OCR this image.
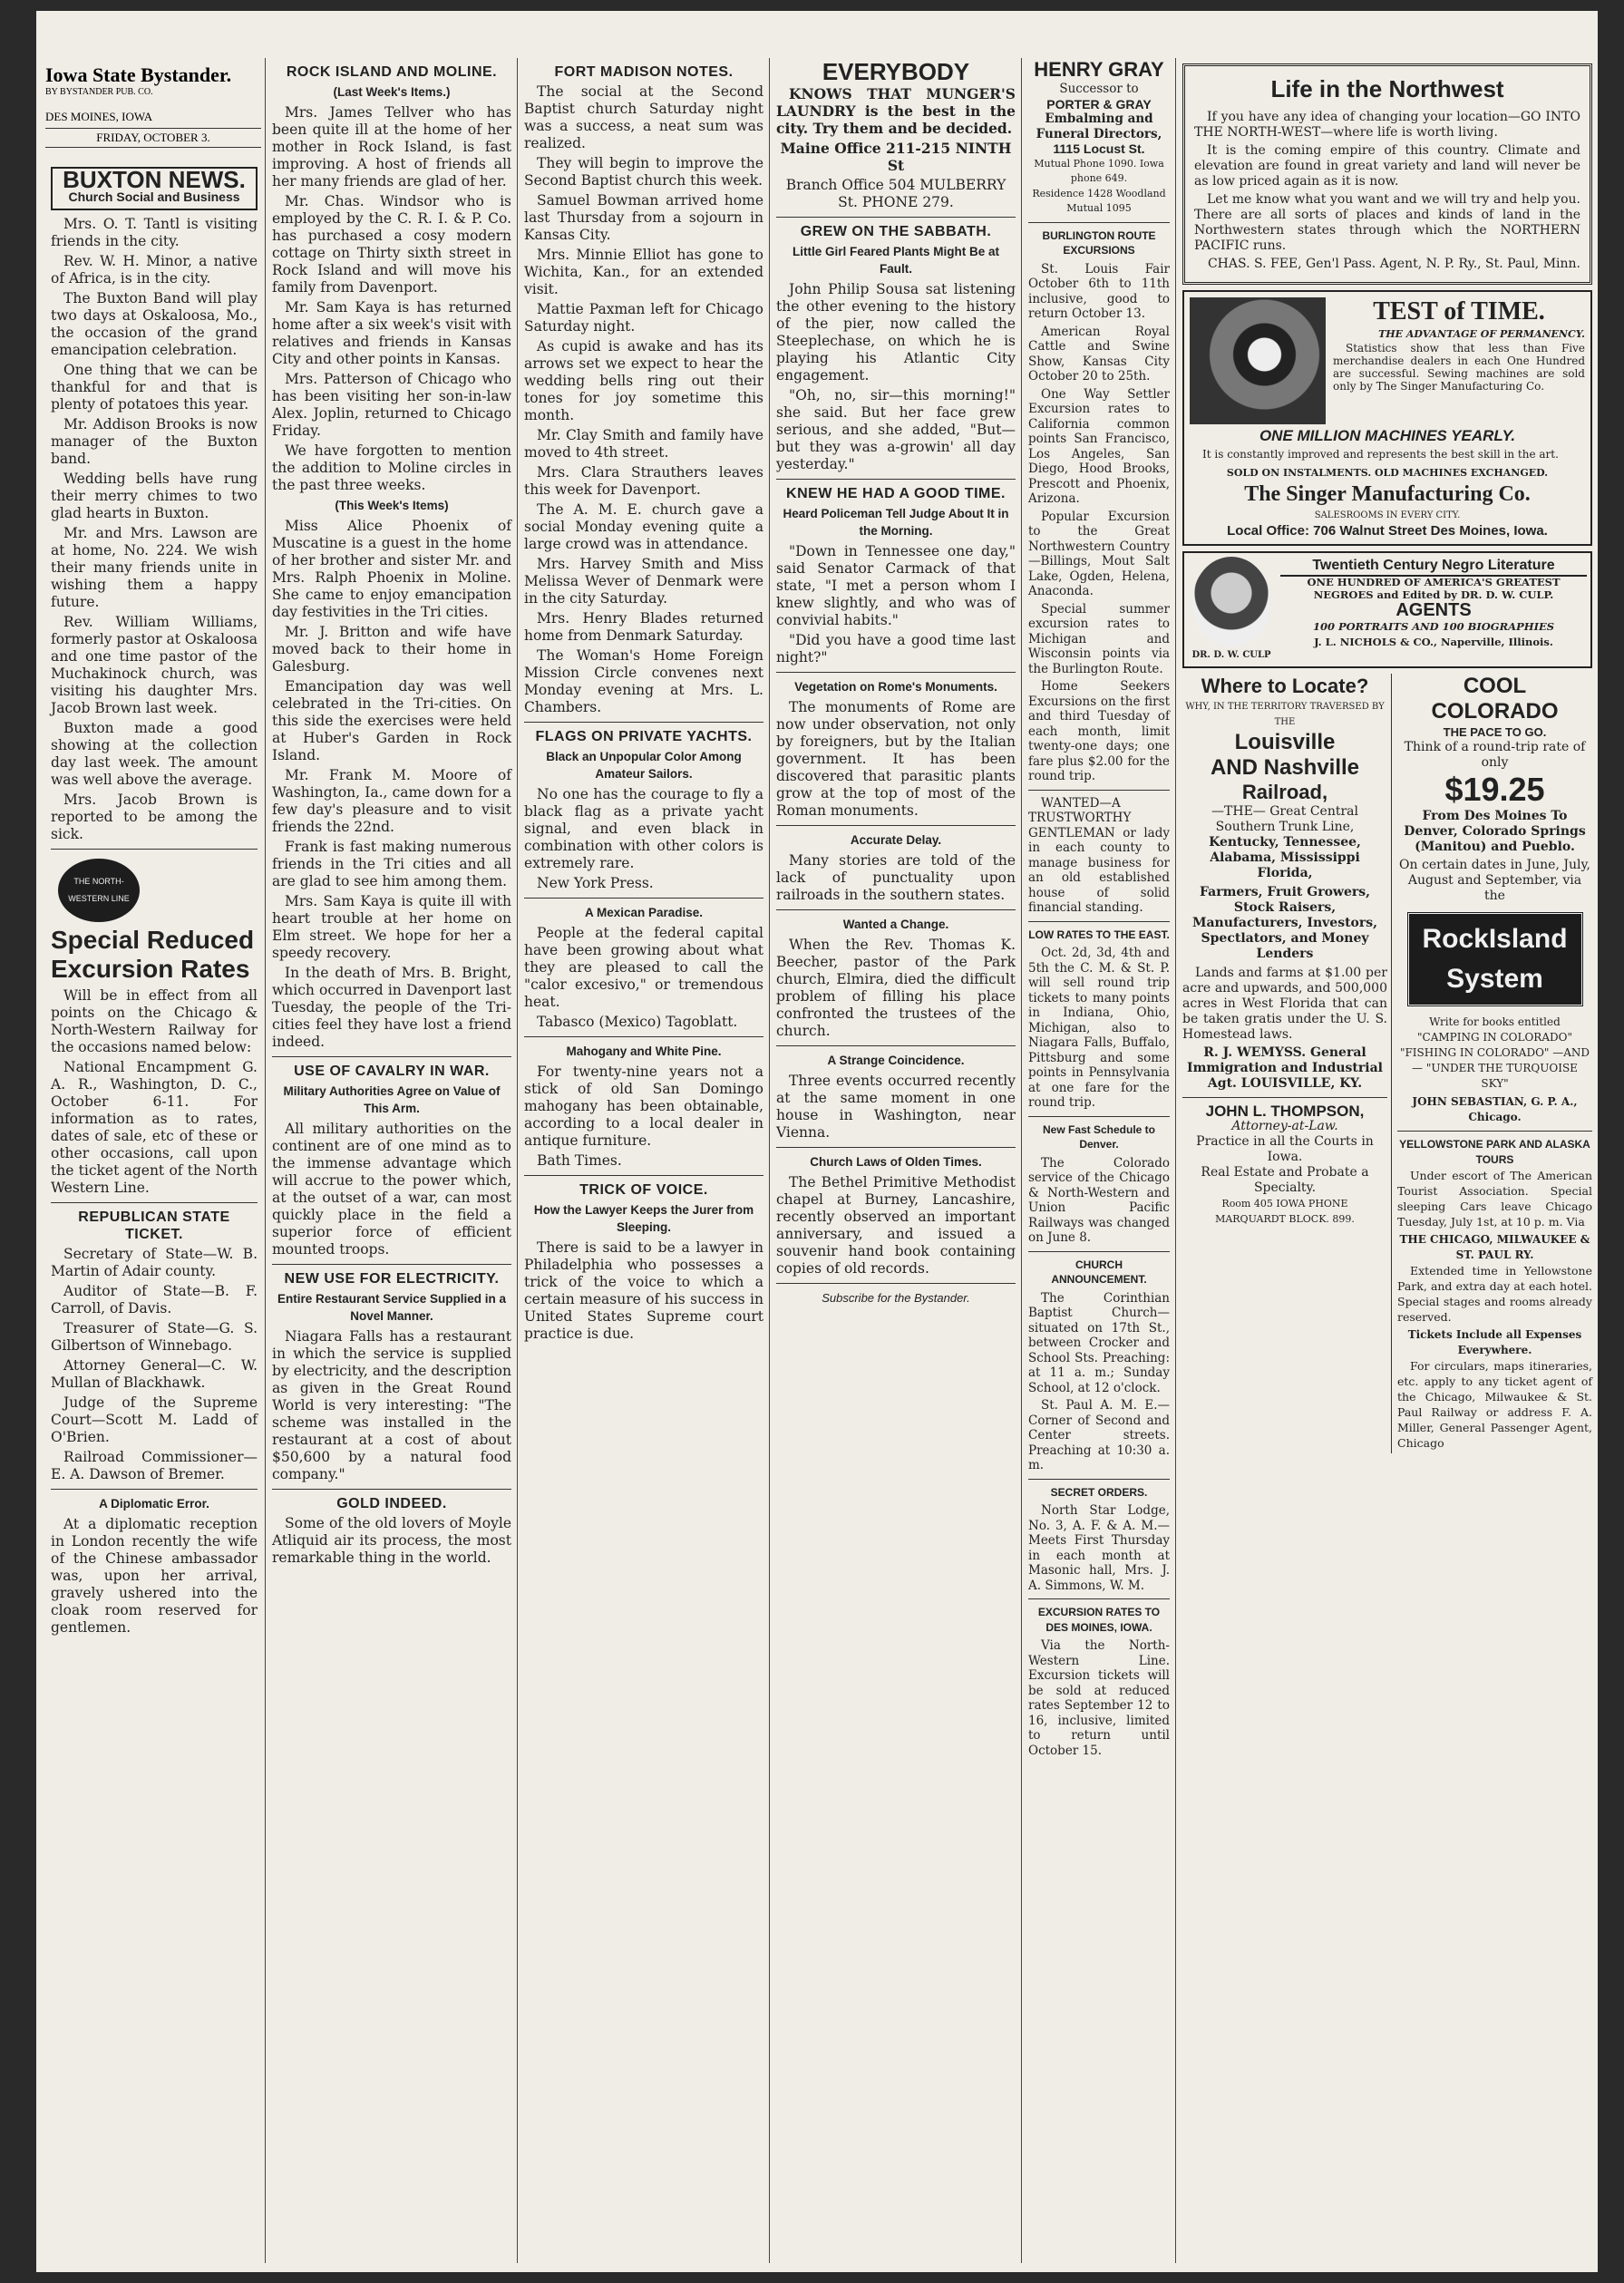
Iowa State Bystander.
BY BYSTANDER PUB. CO.
DES MOINES, IOWA
FRIDAY, OCTOBER 3.
BUXTON NEWS.
Church Social and Business

Mrs. O. T. Tantl is visiting friends in the city.

Rev. W. H. Minor, a native of Africa, is in the city.

The Buxton Band will play two days at Oskaloosa, Mo., the occasion of the grand emancipation celebration.

One thing that we can be thankful for and that is plenty of potatoes this year.

Mr. Addison Brooks is now manager of the Buxton band.

Wedding bells have rung their merry chimes to two glad hearts in Buxton.

Mr. and Mrs. Lawson are at home, No. 224. We wish their many friends unite in wishing them a happy future.

Rev. William Williams, formerly pastor at Oskaloosa and one time pastor of the Muchakinock church, was visiting his daughter Mrs. Jacob Brown last week.

Buxton made a good showing at the collection day last week. The amount was well above the average.

Mrs. Jacob Brown is reported to be among the sick.

THE NORTH-WESTERN LINE
Special Reduced Excursion Rates

Will be in effect from all points on the Chicago & North-Western Railway for the occasions named below:

National Encampment G. A. R., Washington, D. C., October 6-11. For information as to rates, dates of sale, etc of these or other occasions, call upon the ticket agent of the North Western Line.

REPUBLICAN STATE TICKET.

Secretary of State—W. B. Martin of Adair county.

Auditor of State—B. F. Carroll, of Davis.

Treasurer of State—G. S. Gilbertson of Winnebago.

Attorney General—C. W. Mullan of Blackhawk.

Judge of the Supreme Court—Scott M. Ladd of O'Brien.

Railroad Commissioner—E. A. Dawson of Bremer.

A Diplomatic Error.

At a diplomatic reception in London recently the wife of the Chinese ambassador was, upon her arrival, gravely ushered into the cloak room reserved for gentlemen.

ROCK ISLAND AND MOLINE.
(Last Week's Items.)

Mrs. James Tellver who has been quite ill at the home of her mother in Rock Island, is fast improving. A host of friends all her many friends are glad of her.

Mr. Chas. Windsor who is employed by the C. R. I. & P. Co. has purchased a cosy modern cottage on Thirty sixth street in Rock Island and will move his family from Davenport.

Mr. Sam Kaya is has returned home after a six week's visit with relatives and friends in Kansas City and other points in Kansas.

Mrs. Patterson of Chicago who has been visiting her son-in-law Alex. Joplin, returned to Chicago Friday.

We have forgotten to mention the addition to Moline circles in the past three weeks.

(This Week's Items)

Miss Alice Phoenix of Muscatine is a guest in the home of her brother and sister Mr. and Mrs. Ralph Phoenix in Moline. She came to enjoy emancipation day festivities in the Tri cities.

Mr. J. Britton and wife have moved back to their home in Galesburg.

Emancipation day was well celebrated in the Tri-cities. On this side the exercises were held at Huber's Garden in Rock Island.

Mr. Frank M. Moore of Washington, Ia., came down for a few day's pleasure and to visit friends the 22nd.

Frank is fast making numerous friends in the Tri cities and all are glad to see him among them.

Mrs. Sam Kaya is quite ill with heart trouble at her home on Elm street. We hope for her a speedy recovery.

In the death of Mrs. B. Bright, which occurred in Davenport last Tuesday, the people of the Tri-cities feel they have lost a friend indeed.

USE OF CAVALRY IN WAR.
Military Authorities Agree on Value of This Arm.

All military authorities on the continent are of one mind as to the immense advantage which will accrue to the power which, at the outset of a war, can most quickly place in the field a superior force of efficient mounted troops.

NEW USE FOR ELECTRICITY.
Entire Restaurant Service Supplied in a Novel Manner.

Niagara Falls has a restaurant in which the service is supplied by electricity, and the description as given in the Great Round World is very interesting: "The scheme was installed in the restaurant at a cost of about $50,600 by a natural food company."

GOLD INDEED.

Some of the old lovers of Moyle Atliquid air its process, the most remarkable thing in the world.

FORT MADISON NOTES.

The social at the Second Baptist church Saturday night was a success, a neat sum was realized.

They will begin to improve the Second Baptist church this week.

Samuel Bowman arrived home last Thursday from a sojourn in Kansas City.

Mrs. Minnie Elliot has gone to Wichita, Kan., for an extended visit.

Mattie Paxman left for Chicago Saturday night.

As cupid is awake and has its arrows set we expect to hear the wedding bells ring out their tones for joy sometime this month.

Mr. Clay Smith and family have moved to 4th street.

Mrs. Clara Strauthers leaves this week for Davenport.

The A. M. E. church gave a social Monday evening quite a large crowd was in attendance.

Mrs. Harvey Smith and Miss Melissa Wever of Denmark were in the city Saturday.

Mrs. Henry Blades returned home from Denmark Saturday.

The Woman's Home Foreign Mission Circle convenes next Monday evening at Mrs. L. Chambers.

FLAGS ON PRIVATE YACHTS.
Black an Unpopular Color Among Amateur Sailors.

No one has the courage to fly a black flag as a private yacht signal, and even black in combination with other colors is extremely rare.

New York Press.

A Mexican Paradise.

People at the federal capital have been growing about what they are pleased to call the "calor excesivo," or tremendous heat.

Tabasco (Mexico) Tagoblatt.

Mahogany and White Pine.

For twenty-nine years not a stick of old San Domingo mahogany has been obtainable, according to a local dealer in antique furniture.

Bath Times.

TRICK OF VOICE.
How the Lawyer Keeps the Jurer from Sleeping.

There is said to be a lawyer in Philadelphia who possesses a trick of the voice to which a certain measure of his success in United States Supreme court practice is due.

EVERYBODY

KNOWS THAT MUNGER'S LAUNDRY is the best in the city. Try them and be decided.

Maine Office 211-215 NINTH St

Branch Office 504 MULBERRY St. PHONE 279.

GREW ON THE SABBATH.
Little Girl Feared Plants Might Be at Fault.

John Philip Sousa sat listening the other evening to the history of the pier, now called the Steeplechase, on which he is playing his Atlantic City engagement.

"Oh, no, sir—this morning!" she said. But her face grew serious, and she added, "But—but they was a-growin' all day yesterday."

KNEW HE HAD A GOOD TIME.
Heard Policeman Tell Judge About It in the Morning.

"Down in Tennessee one day," said Senator Carmack of that state, "I met a person whom I knew slightly, and who was of convivial habits."

"Did you have a good time last night?"

Vegetation on Rome's Monuments.

The monuments of Rome are now under observation, not only by foreigners, but by the Italian government. It has been discovered that parasitic plants grow at the top of most of the Roman monuments.

Accurate Delay.

Many stories are told of the lack of punctuality upon railroads in the southern states.

Wanted a Change.

When the Rev. Thomas K. Beecher, pastor of the Park church, Elmira, died the difficult problem of filling his place confronted the trustees of the church.

A Strange Coincidence.

Three events occurred recently at the same moment in one house in Washington, near Vienna.

Church Laws of Olden Times.

The Bethel Primitive Methodist chapel at Burney, Lancashire, recently observed an important anniversary, and issued a souvenir hand book containing copies of old records.

Subscribe for the Bystander.
HENRY GRAY
Successor to
PORTER & GRAY
Embalming and Funeral Directors,
1115 Locust St.
Mutual Phone 1090. Iowa phone 649.
Residence 1428 Woodland Mutual 1095
BURLINGTON ROUTE EXCURSIONS

St. Louis Fair October 6th to 11th inclusive, good to return October 13.

American Royal Cattle and Swine Show, Kansas City October 20 to 25th.

One Way Settler Excursion rates to California common points San Francisco, Los Angeles, San Diego, Hood Brooks, Prescott and Phoenix, Arizona.

Popular Excursion to the Great Northwestern Country—Billings, Mout Salt Lake, Ogden, Helena, Anaconda.

Special summer excursion rates to Michigan and Wisconsin points via the Burlington Route.

Home Seekers Excursions on the first and third Tuesday of each month, limit twenty-one days; one fare plus $2.00 for the round trip.

WANTED—A TRUSTWORTHY GENTLEMAN or lady in each county to manage business for an old established house of solid financial standing.

LOW RATES TO THE EAST.

Oct. 2d, 3d, 4th and 5th the C. M. & St. P. will sell round trip tickets to many points in Indiana, Ohio, Michigan, also to Niagara Falls, Buffalo, Pittsburg and some points in Pennsylvania at one fare for the round trip.

New Fast Schedule to Denver.

The Colorado service of the Chicago & North-Western and Union Pacific Railways was changed on June 8.

CHURCH ANNOUNCEMENT.

The Corinthian Baptist Church—situated on 17th St., between Crocker and School Sts. Preaching: at 11 a. m.; Sunday School, at 12 o'clock.

St. Paul A. M. E.—Corner of Second and Center streets. Preaching at 10:30 a. m.

SECRET ORDERS.

North Star Lodge, No. 3, A. F. & A. M.—Meets First Thursday in each month at Masonic hall, Mrs. J. A. Simmons, W. M.

EXCURSION RATES TO DES MOINES, IOWA.

Via the North-Western Line. Excursion tickets will be sold at reduced rates September 12 to 16, inclusive, limited to return until October 15.

Life in the Northwest

If you have any idea of changing your location—GO INTO THE NORTH-WEST—where life is worth living.

It is the coming empire of this country. Climate and elevation are found in great variety and land will never be as low priced again as it is now.

Let me know what you want and we will try and help you. There are all sorts of places and kinds of land in the Northwestern states through which the NORTHERN PACIFIC runs.

CHAS. S. FEE, Gen'l Pass. Agent, N. P. Ry., St. Paul, Minn.

TEST of TIME.
THE ADVANTAGE OF PERMANENCY.

Statistics show that less than Five merchandise dealers in each One Hundred are successful. Sewing machines are sold only by The Singer Manufacturing Co.

ONE MILLION MACHINES YEARLY.

It is constantly improved and represents the best skill in the art.

SOLD ON INSTALMENTS. OLD MACHINES EXCHANGED.
The Singer Manufacturing Co.
SALESROOMS IN EVERY CITY.
Local Office: 706 Walnut Street Des Moines, Iowa.
DR. D. W. CULP
Twentieth Century Negro Literature
ONE HUNDRED OF AMERICA'S GREATEST NEGROES and Edited by DR. D. W. CULP.
AGENTS
100 PORTRAITS AND 100 BIOGRAPHIES
J. L. NICHOLS & CO., Naperville, Illinois.
Where to Locate?
WHY, IN THE TERRITORY TRAVERSED BY THE
Louisville
AND Nashville
Railroad,
—THE— Great Central Southern Trunk Line,
Kentucky, Tennessee, Alabama, Mississippi Florida,
Farmers, Fruit Growers, Stock Raisers, Manufacturers, Investors, Spectlators, and Money Lenders

Lands and farms at $1.00 per acre and upwards, and 500,000 acres in West Florida that can be taken gratis under the U. S. Homestead laws.

R. J. WEMYSS. General Immigration and Industrial Agt. LOUISVILLE, KY.
JOHN L. THOMPSON,
Attorney-at-Law.
Practice in all the Courts in Iowa.
Real Estate and Probate a Specialty.
Room 405 IOWA PHONE
MARQUARDT BLOCK. 899.
COOL COLORADO
THE PACE TO GO.
Think of a round-trip rate of only
$19.25
From Des Moines To Denver, Colorado Springs (Manitou) and Pueblo.
On certain dates in June, July, August and September, via the
RockIsland System
Write for books entitled "CAMPING IN COLORADO" "FISHING IN COLORADO" —AND— "UNDER THE TURQUOISE SKY"
JOHN SEBASTIAN, G. P. A., Chicago.
YELLOWSTONE PARK AND ALASKA TOURS

Under escort of The American Tourist Association. Special sleeping Cars leave Chicago Tuesday, July 1st, at 10 p. m. Via

THE CHICAGO, MILWAUKEE & ST. PAUL RY.

Extended time in Yellowstone Park, and extra day at each hotel. Special stages and rooms already reserved.

Tickets Include all Expenses Everywhere.

For circulars, maps itineraries, etc. apply to any ticket agent of the Chicago, Milwaukee & St. Paul Railway or address F. A. Miller, General Passenger Agent, Chicago
